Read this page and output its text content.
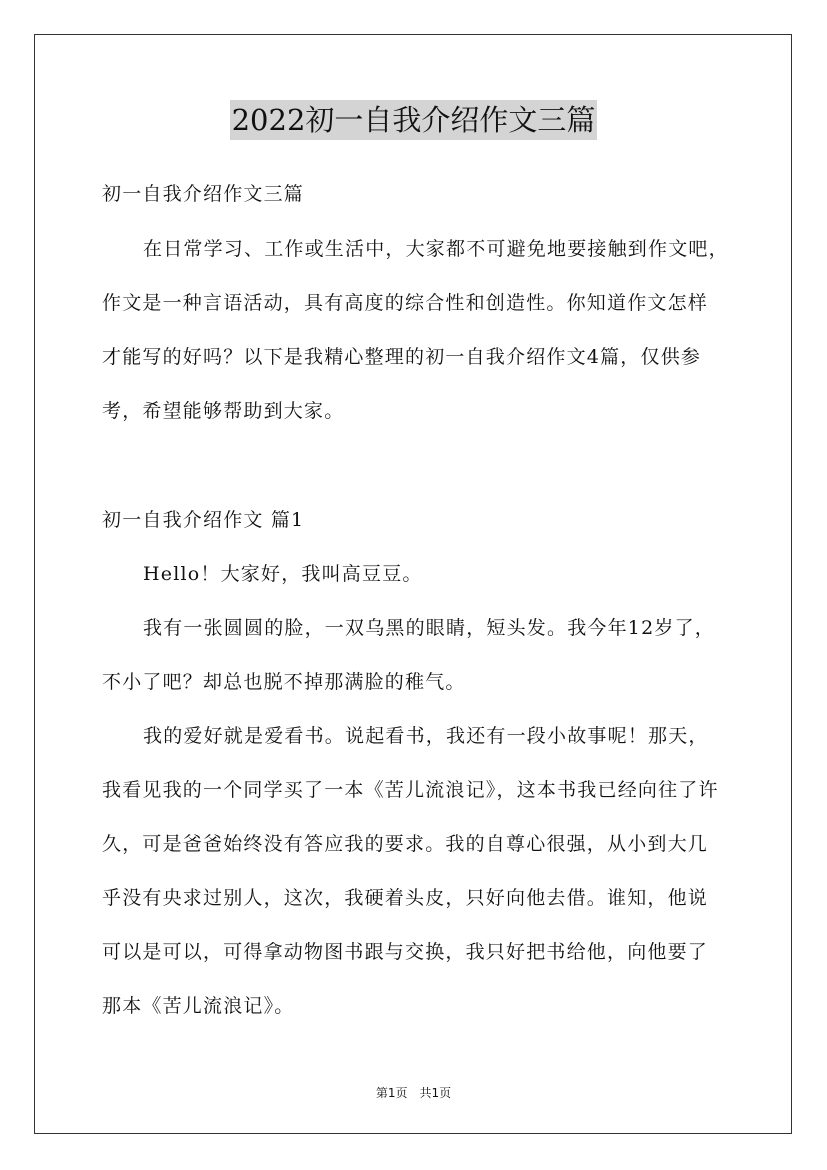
2022初一自我介绍作文三篇
初一自我介绍作文三篇
在日常学习、工作或生活中，大家都不可避免地要接触到作文吧，
作文是一种言语活动，具有高度的综合性和创造性。你知道作文怎样
才能写的好吗？以下是我精心整理的初一自我介绍作文4篇，仅供参
考，希望能够帮助到大家。
初一自我介绍作文 篇1
Hello！大家好，我叫高豆豆。
我有一张圆圆的脸，一双乌黑的眼睛，短头发。我今年12岁了，
不小了吧？却总也脱不掉那满脸的稚气。
我的爱好就是爱看书。说起看书，我还有一段小故事呢！那天，
我看见我的一个同学买了一本《苦儿流浪记》，这本书我已经向往了许
久，可是爸爸始终没有答应我的要求。我的自尊心很强，从小到大几
乎没有央求过别人，这次，我硬着头皮，只好向他去借。谁知，他说
可以是可以，可得拿动物图书跟与交换，我只好把书给他，向他要了
那本《苦儿流浪记》。
第1页　共1页
